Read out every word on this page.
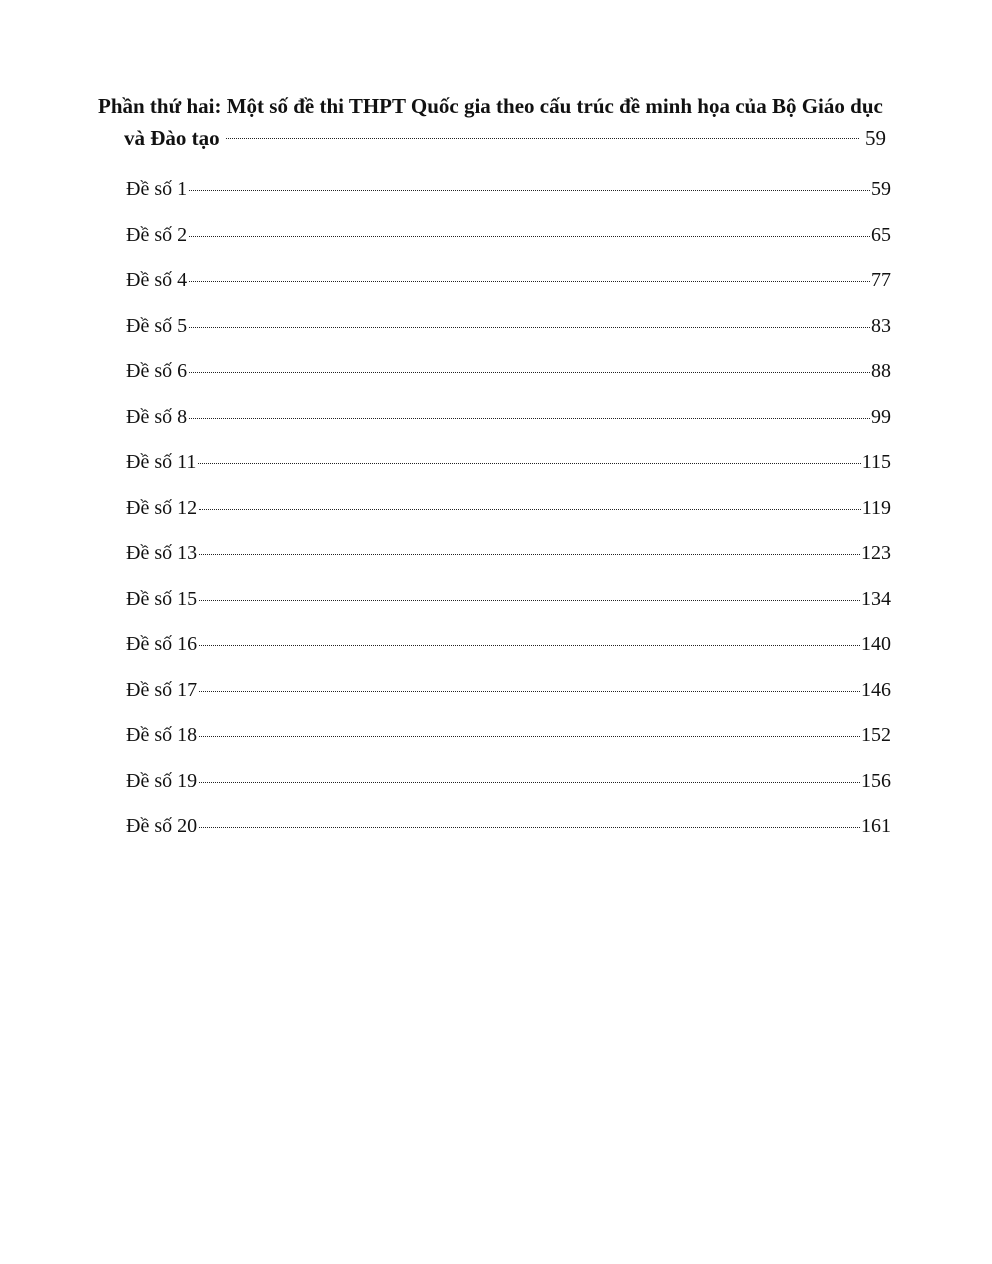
Phần thứ hai: Một số đề thi THPT Quốc gia theo cấu trúc đề minh họa của Bộ Giáo dục
và Đào tạo	59
Đề số 1	59
Đề số 2	65
Đề số 4	77
Đề số 5	83
Đề số 6	88
Đề số 8	99
Đề số 11	115
Đề số 12	119
Đề số 13	123
Đề số 15	134
Đề số 16	140
Đề số 17	146
Đề số 18	152
Đề số 19	156
Đề số 20	161
